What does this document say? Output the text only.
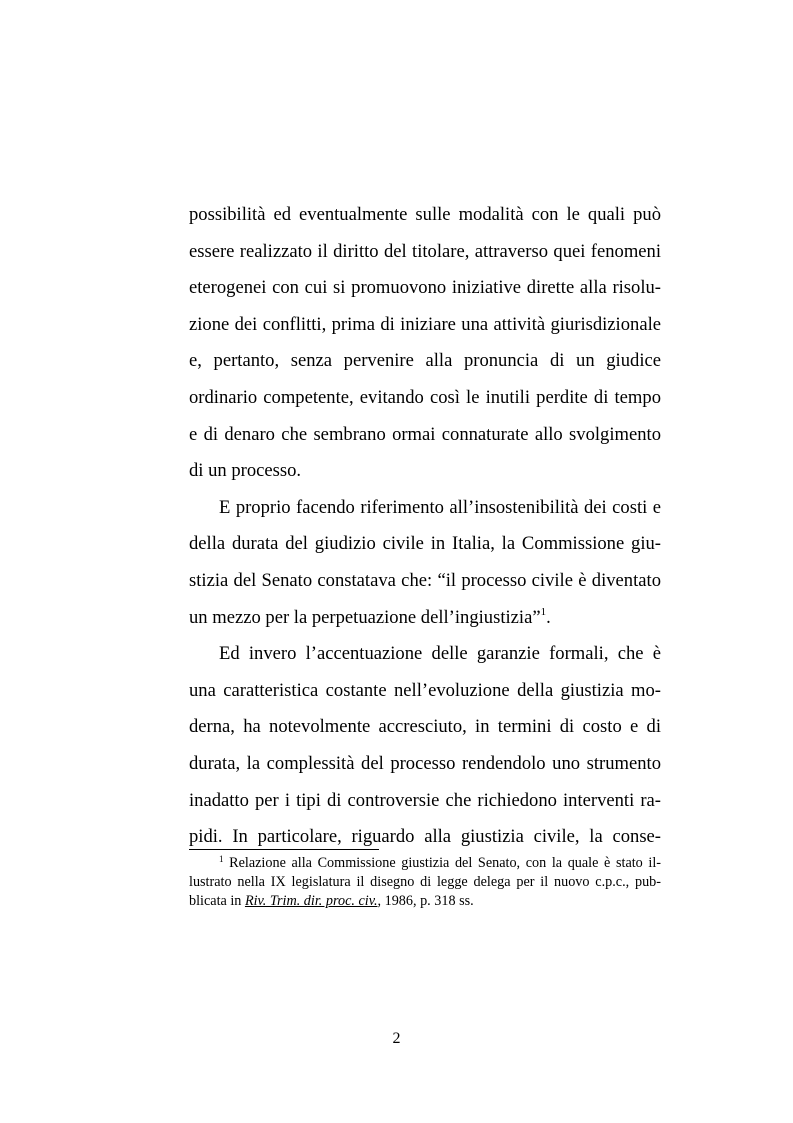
possibilità ed eventualmente sulle modalità con le quali può
essere realizzato il diritto del titolare, attraverso quei fenomeni
eterogenei con cui si promuovono iniziative dirette alla risolu-
zione dei conflitti, prima di iniziare una attività giurisdizionale
e, pertanto, senza pervenire alla pronuncia di un giudice
ordinario competente, evitando così le inutili perdite di tempo
e di denaro che sembrano ormai connaturate allo svolgimento
di un processo.
E proprio facendo riferimento all’insostenibilità dei costi e
della durata del giudizio civile in Italia, la Commissione giu-
stizia del Senato constatava che: “il processo civile è diventato
un mezzo per la perpetuazione dell’ingiustizia”$^1$.
Ed invero l’accentuazione delle garanzie formali, che è
una caratteristica costante nell’evoluzione della giustizia mo-
derna, ha notevolmente accresciuto, in termini di costo e di
durata, la complessità del processo rendendolo uno strumento
inadatto per i tipi di controversie che richiedono interventi ra-
pidi. In particolare, riguardo alla giustizia civile, la conse-
$^1$ Relazione alla Commissione giustizia del Senato, con la quale è stato il-
lustrato nella IX legislatura il disegno di legge delega per il nuovo c.p.c., pub-
blicata in Riv. Trim. dir. proc. civ., 1986, p. 318 ss.
2
